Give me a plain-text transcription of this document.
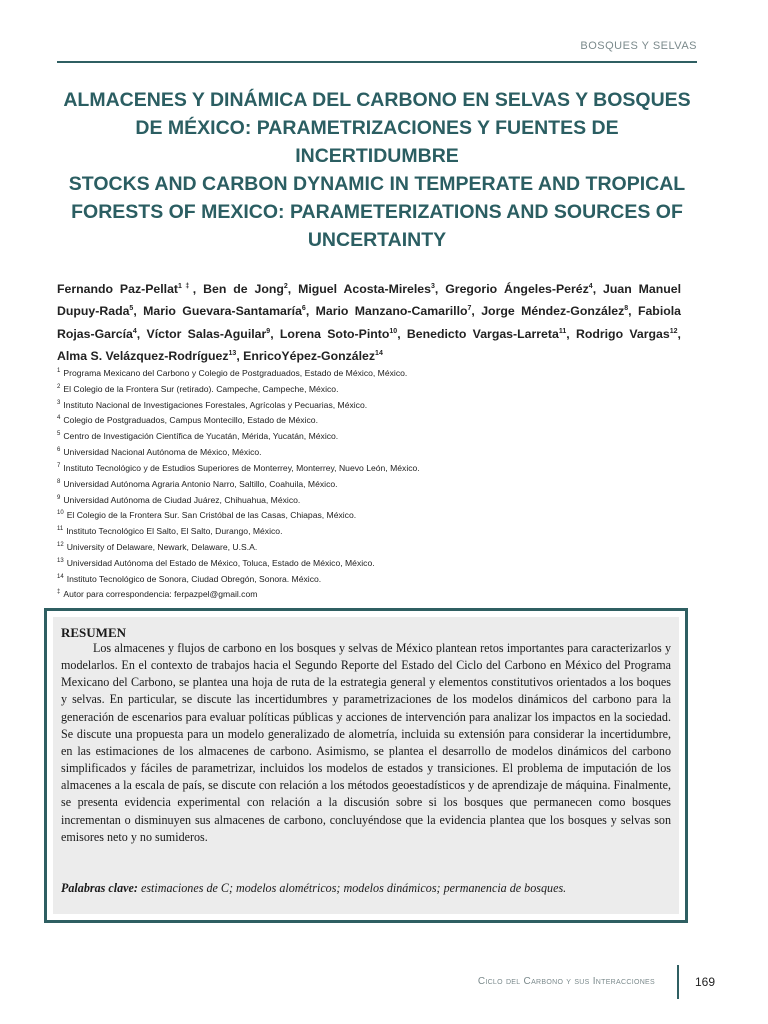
BOSQUES Y SELVAS
ALMACENES Y DINÁMICA DEL CARBONO EN SELVAS Y BOSQUES
DE MÉXICO: PARAMETRIZACIONES Y FUENTES DE INCERTIDUMBRE
STOCKS AND CARBON DYNAMIC IN TEMPERATE AND TROPICAL
FORESTS OF MEXICO: PARAMETERIZATIONS AND SOURCES OF
UNCERTAINTY
Fernando Paz-Pellat$^{1\ddagger}$, Ben de Jong$^2$, Miguel Acosta-Mireles$^3$, Gregorio Ángeles-Peréz$^4$, Juan Manuel Dupuy-Rada$^5$, Mario Guevara-Santamaría$^6$, Mario Manzano-Camarillo$^7$, Jorge Méndez-González$^8$, Fabiola Rojas-García$^4$, Víctor Salas-Aguilar$^9$, Lorena Soto-Pinto$^{10}$, Benedicto Vargas-Larreta$^{11}$, Rodrigo Vargas$^{12}$, Alma S. Velázquez-Rodríguez$^{13}$, EnricoYépez-González$^{14}$
$^1$ Programa Mexicano del Carbono y Colegio de Postgraduados, Estado de México, México.
$^2$ El Colegio de la Frontera Sur (retirado). Campeche, Campeche, México.
$^3$ Instituto Nacional de Investigaciones Forestales, Agrícolas y Pecuarias, México.
$^4$ Colegio de Postgraduados, Campus Montecillo, Estado de México.
$^5$ Centro de Investigación Científica de Yucatán, Mérida, Yucatán, México.
$^6$ Universidad Nacional Autónoma de México, México.
$^7$ Instituto Tecnológico y de Estudios Superiores de Monterrey, Monterrey, Nuevo León, México.
$^8$ Universidad Autónoma Agraria Antonio Narro, Saltillo, Coahuila, México.
$^9$ Universidad Autónoma de Ciudad Juárez, Chihuahua, México.
$^{10}$ El Colegio de la Frontera Sur. San Cristóbal de las Casas, Chiapas, México.
$^{11}$ Instituto Tecnológico El Salto, El Salto, Durango, México.
$^{12}$ University of Delaware, Newark, Delaware, U.S.A.
$^{13}$ Universidad Autónoma del Estado de México, Toluca, Estado de México, México.
$^{14}$ Instituto Tecnológico de Sonora, Ciudad Obregón, Sonora. México.
‡ Autor para correspondencia: ferpazpel@gmail.com
RESUMEN
Los almacenes y flujos de carbono en los bosques y selvas de México plantean retos importantes para caracterizarlos y modelarlos. En el contexto de trabajos hacia el Segundo Reporte del Estado del Ciclo del Carbono en México del Programa Mexicano del Carbono, se plantea una hoja de ruta de la estrategia general y elementos constitutivos orientados a los boques y selvas. En particular, se discute las incertidumbres y parametrizaciones de los modelos dinámicos del carbono para la generación de escenarios para evaluar políticas públicas y acciones de intervención para analizar los impactos en la sociedad. Se discute una propuesta para un modelo generalizado de alometría, incluida su extensión para considerar la incertidumbre, en las estimaciones de los almacenes de carbono. Asimismo, se plantea el desarrollo de modelos dinámicos del carbono simplificados y fáciles de parametrizar, incluidos los modelos de estados y transiciones. El problema de imputación de los almacenes a la escala de país, se discute con relación a los métodos geoestadísticos y de aprendizaje de máquina. Finalmente, se presenta evidencia experimental con relación a la discusión sobre si los bosques que permanecen como bosques incrementan o disminuyen sus almacenes de carbono, concluyéndose que la evidencia plantea que los bosques y selvas son emisores neto y no sumideros.
Palabras clave: estimaciones de C; modelos alométricos; modelos dinámicos; permanencia de bosques.
Ciclo del Carbono y sus Interacciones	169
